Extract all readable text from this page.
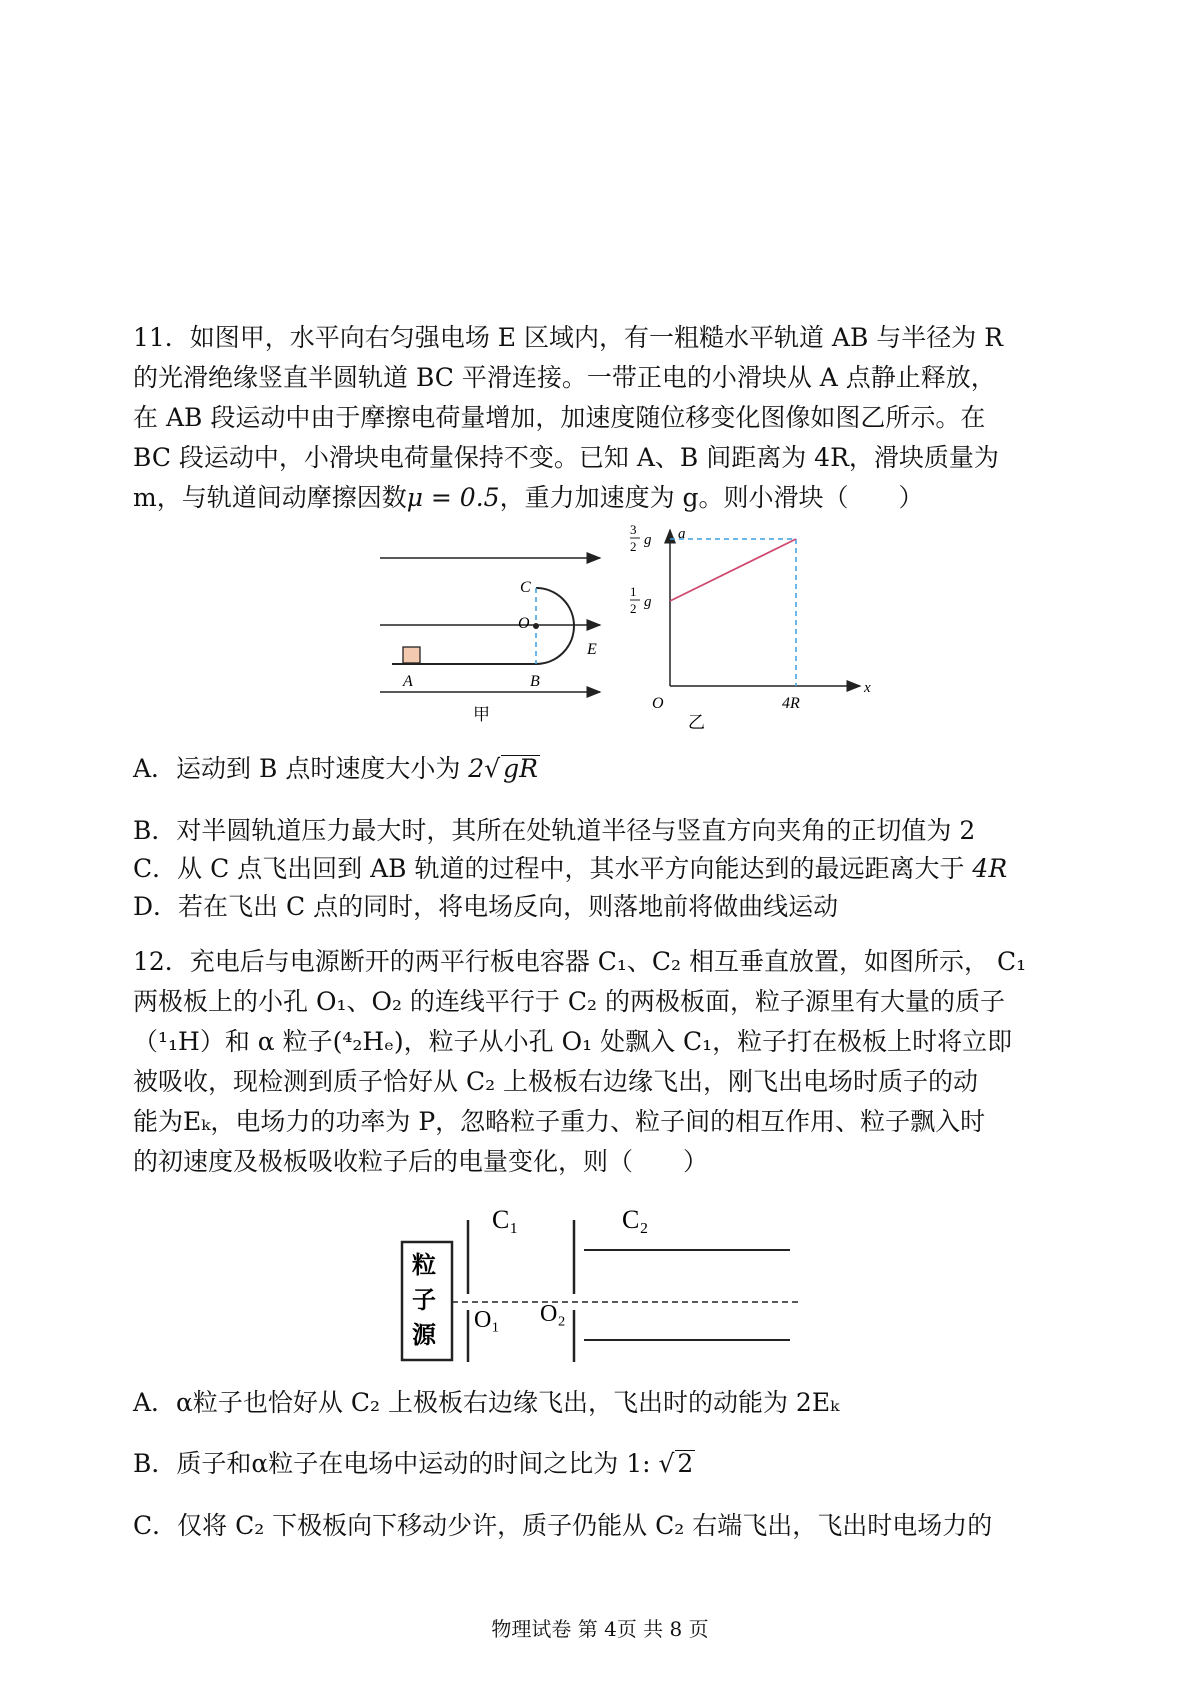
11．如图甲，水平向右匀强电场 E 区域内，有一粗糙水平轨道 AB 与半径为 R
的光滑绝缘竖直半圆轨道 BC 平滑连接。一带正电的小滑块从 A 点静止释放，
在 AB 段运动中由于摩擦电荷量增加，加速度随位移变化图像如图乙所示。在
BC 段运动中，小滑块电荷量保持不变。已知 A、B 间距离为 4R，滑块质量为
m，与轨道间动摩擦因数μ = 0.5，重力加速度为 g。则小滑块（　　）
C
O
A	B
E
甲
a
x
O	4R
3
2 g
1
2 g
乙
A．运动到 B 点时速度大小为 2√ gR
B．对半圆轨道压力最大时，其所在处轨道半径与竖直方向夹角的正切值为 2
C．从 C 点飞出回到 AB 轨道的过程中，其水平方向能达到的最远距离大于 4R
D．若在飞出 C 点的同时，将电场反向，则落地前将做曲线运动
12．充电后与电源断开的两平行板电容器 C₁、C₂ 相互垂直放置，如图所示， C₁
两极板上的小孔 O₁、O₂ 的连线平行于 C₂ 的两极板面，粒子源里有大量的质子
（¹₁H）和 α 粒子(⁴₂Hₑ)，粒子从小孔 O₁ 处飘入 C₁，粒子打在极板上时将立即
被吸收，现检测到质子恰好从 C₂ 上极板右边缘飞出，刚飞出电场时质子的动
能为Eₖ，电场力的功率为 P，忽略粒子重力、粒子间的相互作用、粒子飘入时
的初速度及极板吸收粒子后的电量变化，则（　　）
粒
子
源
C₁	C₂
O₁ O₂
A．α粒子也恰好从 C₂ 上极板右边缘飞出，飞出时的动能为 2Eₖ
B．质子和α粒子在电场中运动的时间之比为 1: √ 2
C．仅将 C₂ 下极板向下移动少许，质子仍能从 C₂ 右端飞出，飞出时电场力的
物理试卷 第 4页 共 8 页
